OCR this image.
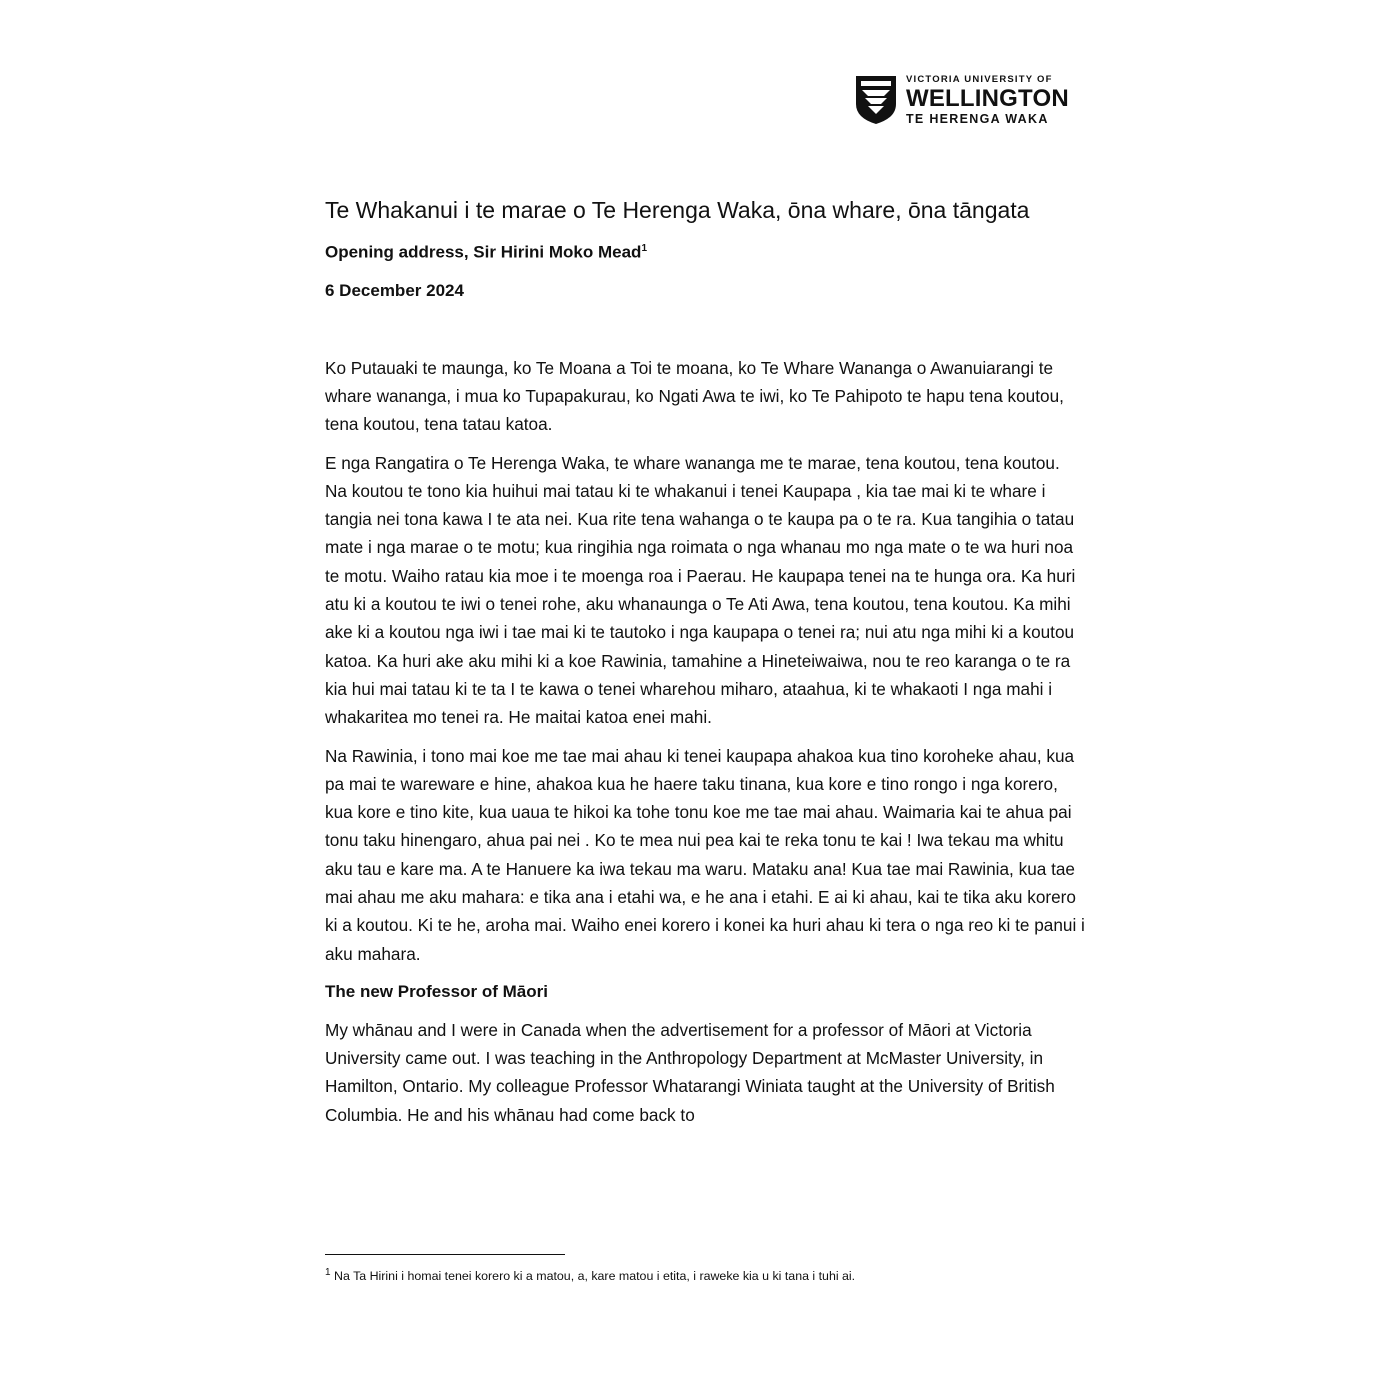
VICTORIA UNIVERSITY OF
WELLINGTON
TE HERENGA WAKA
Te Whakanui i te marae o Te Herenga Waka, ōna whare, ōna tāngata

Opening address, Sir Hirini Moko Mead$^1$

6 December 2024

Ko Putauaki te maunga, ko Te Moana a Toi te moana, ko Te Whare Wananga o Awanuiarangi te whare wananga, i mua ko Tupapakurau, ko Ngati Awa te iwi, ko Te Pahipoto te hapu tena koutou, tena koutou, tena tatau katoa.

E nga Rangatira o Te Herenga Waka, te whare wananga me te marae, tena koutou, tena koutou. Na koutou te tono kia huihui mai tatau ki te whakanui i tenei Kaupapa , kia tae mai ki te whare i tangia nei tona kawa I te ata nei. Kua rite tena wahanga o te kaupa pa o te ra. Kua tangihia o tatau mate i nga marae o te motu; kua ringihia nga roimata o nga whanau mo nga mate o te wa huri noa te motu. Waiho ratau kia moe i te moenga roa i Paerau. He kaupapa tenei na te hunga ora. Ka huri atu ki a koutou te iwi o tenei rohe, aku whanaunga o Te Ati Awa, tena koutou, tena koutou. Ka mihi ake ki a koutou nga iwi i tae mai ki te tautoko i nga kaupapa o tenei ra; nui atu nga mihi ki a koutou katoa. Ka huri ake aku mihi ki a koe Rawinia, tamahine a Hineteiwaiwa, nou te reo karanga o te ra kia hui mai tatau ki te ta I te kawa o tenei wharehou miharo, ataahua, ki te whakaoti I nga mahi i whakaritea mo tenei ra. He maitai katoa enei mahi.

Na Rawinia, i tono mai koe me tae mai ahau ki tenei kaupapa ahakoa kua tino koroheke ahau, kua pa mai te wareware e hine, ahakoa kua he haere taku tinana, kua kore e tino rongo i nga korero, kua kore e tino kite, kua uaua te hikoi ka tohe tonu koe me tae mai ahau. Waimaria kai te ahua pai tonu taku hinengaro, ahua pai nei . Ko te mea nui pea kai te reka tonu te kai ! Iwa tekau ma whitu aku tau e kare ma. A te Hanuere ka iwa tekau ma waru. Mataku ana! Kua tae mai Rawinia, kua tae mai ahau me aku mahara: e tika ana i etahi wa, e he ana i etahi. E ai ki ahau, kai te tika aku korero ki a koutou. Ki te he, aroha mai. Waiho enei korero i konei ka huri ahau ki tera o nga reo ki te panui i aku mahara.

The new Professor of Māori

My whānau and I were in Canada when the advertisement for a professor of Māori at Victoria University came out. I was teaching in the Anthropology Department at McMaster University, in Hamilton, Ontario. My colleague Professor Whatarangi Winiata taught at the University of British Columbia. He and his whānau had come back to

$^1$ Na Ta Hirini i homai tenei korero ki a matou, a, kare matou i etita, i raweke kia u ki tana i tuhi ai.
